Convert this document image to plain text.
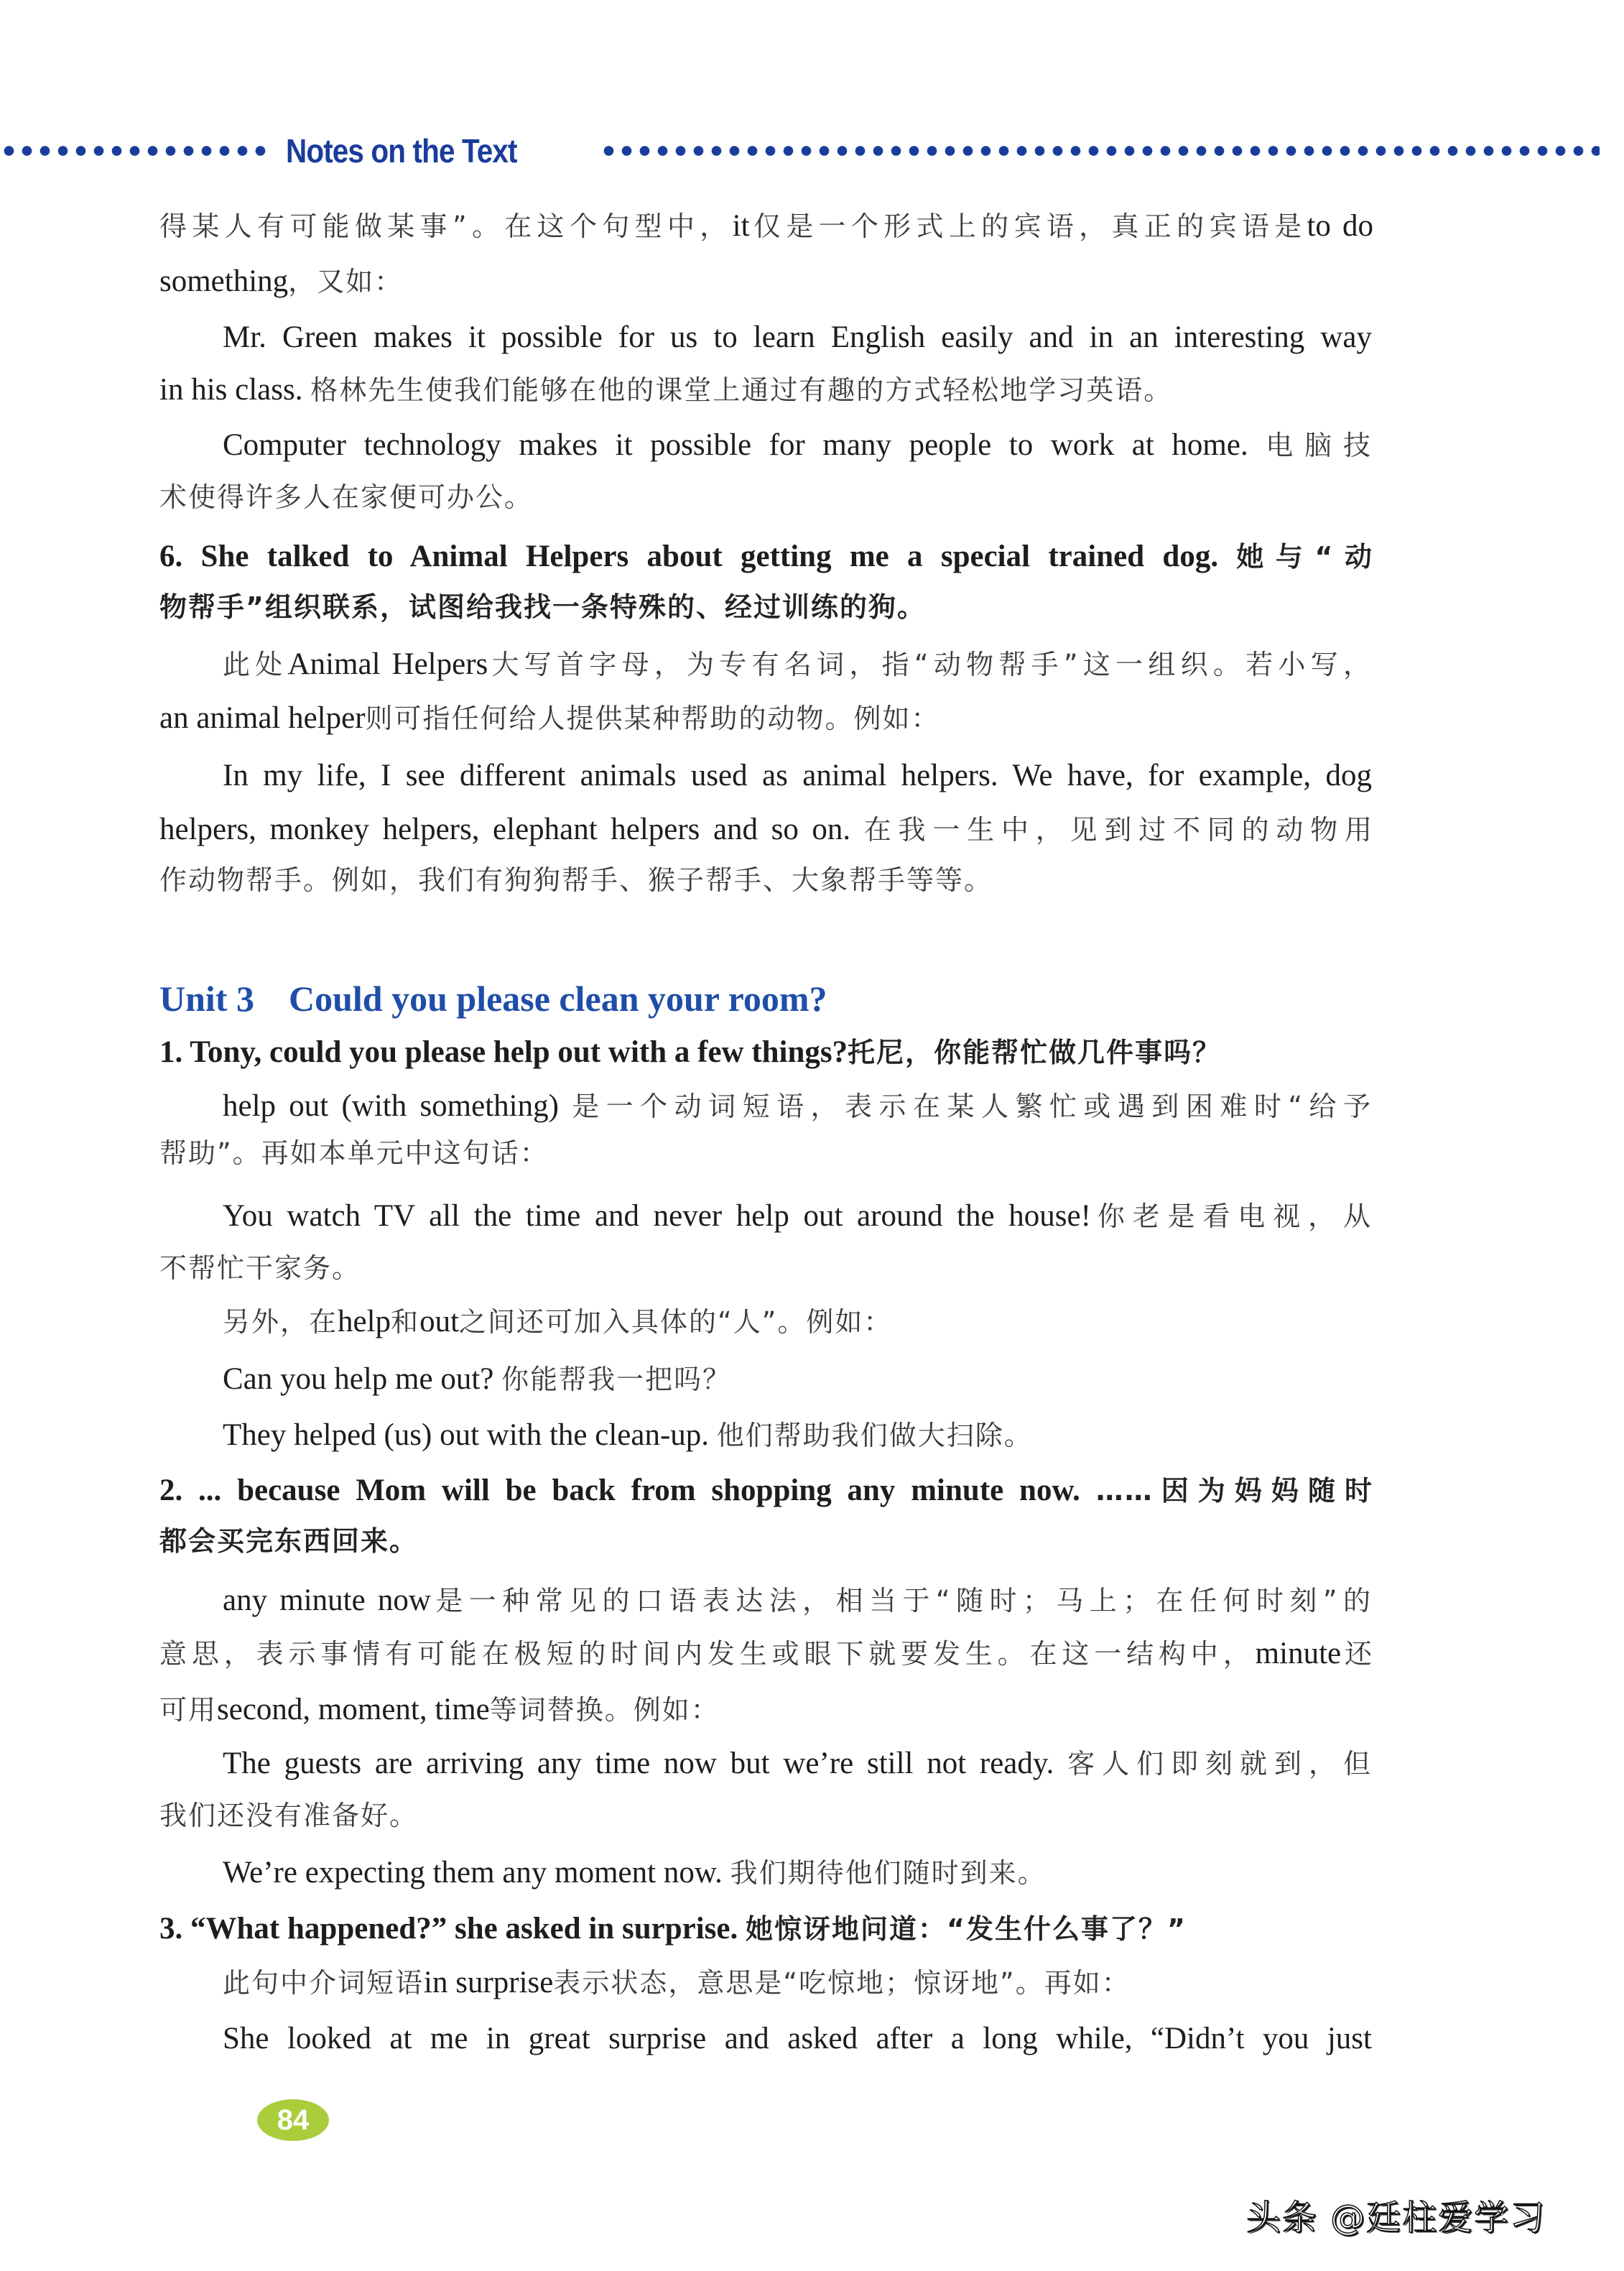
Notes on the Text
得某人有可能做某事”。在这个句型中，it仅是一个形式上的宾语，真正的宾语是to do
something，又如：
Mr. Green makes it possible for us to learn English easily and in an interesting way
in his class. 格林先生使我们能够在他的课堂上通过有趣的方式轻松地学习英语。
Computer technology makes it possible for many people to work at home. 电脑技
术使得许多人在家便可办公。
6. She talked to Animal Helpers about getting me a special trained dog. 她与“动
物帮手”组织联系，试图给我找一条特殊的、经过训练的狗。
此处Animal Helpers大写首字母，为专有名词，指“动物帮手”这一组织。若小写，
an animal helper则可指任何给人提供某种帮助的动物。例如：
In my life, I see different animals used as animal helpers. We have, for example, dog
helpers, monkey helpers, elephant helpers and so on. 在我一生中，见到过不同的动物用
作动物帮手。例如，我们有狗狗帮手、猴子帮手、大象帮手等等。
Unit 3 Could you please clean your room?
1. Tony, could you please help out with a few things?托尼，你能帮忙做几件事吗？
help out (with something) 是一个动词短语，表示在某人繁忙或遇到困难时“给予
帮助”。再如本单元中这句话：
You watch TV all the time and never help out around the house!你老是看电视，从
不帮忙干家务。
另外，在help和out之间还可加入具体的“人”。例如：
Can you help me out? 你能帮我一把吗？
They helped (us) out with the clean-up. 他们帮助我们做大扫除。
2. ... because Mom will be back from shopping any minute now. ……因为妈妈随时
都会买完东西回来。
any minute now是一种常见的口语表达法，相当于“随时；马上；在任何时刻”的
意思，表示事情有可能在极短的时间内发生或眼下就要发生。在这一结构中，minute还
可用second, moment, time等词替换。例如：
The guests are arriving any time now but we’re still not ready. 客人们即刻就到，但
我们还没有准备好。
We’re expecting them any moment now. 我们期待他们随时到来。
3. “What happened?” she asked in surprise. 她惊讶地问道：“发生什么事了？”
此句中介词短语in surprise表示状态，意思是“吃惊地；惊讶地”。再如：
She looked at me in great surprise and asked after a long while, “Didn’t you just
84
头条 @廷柱爱学习
